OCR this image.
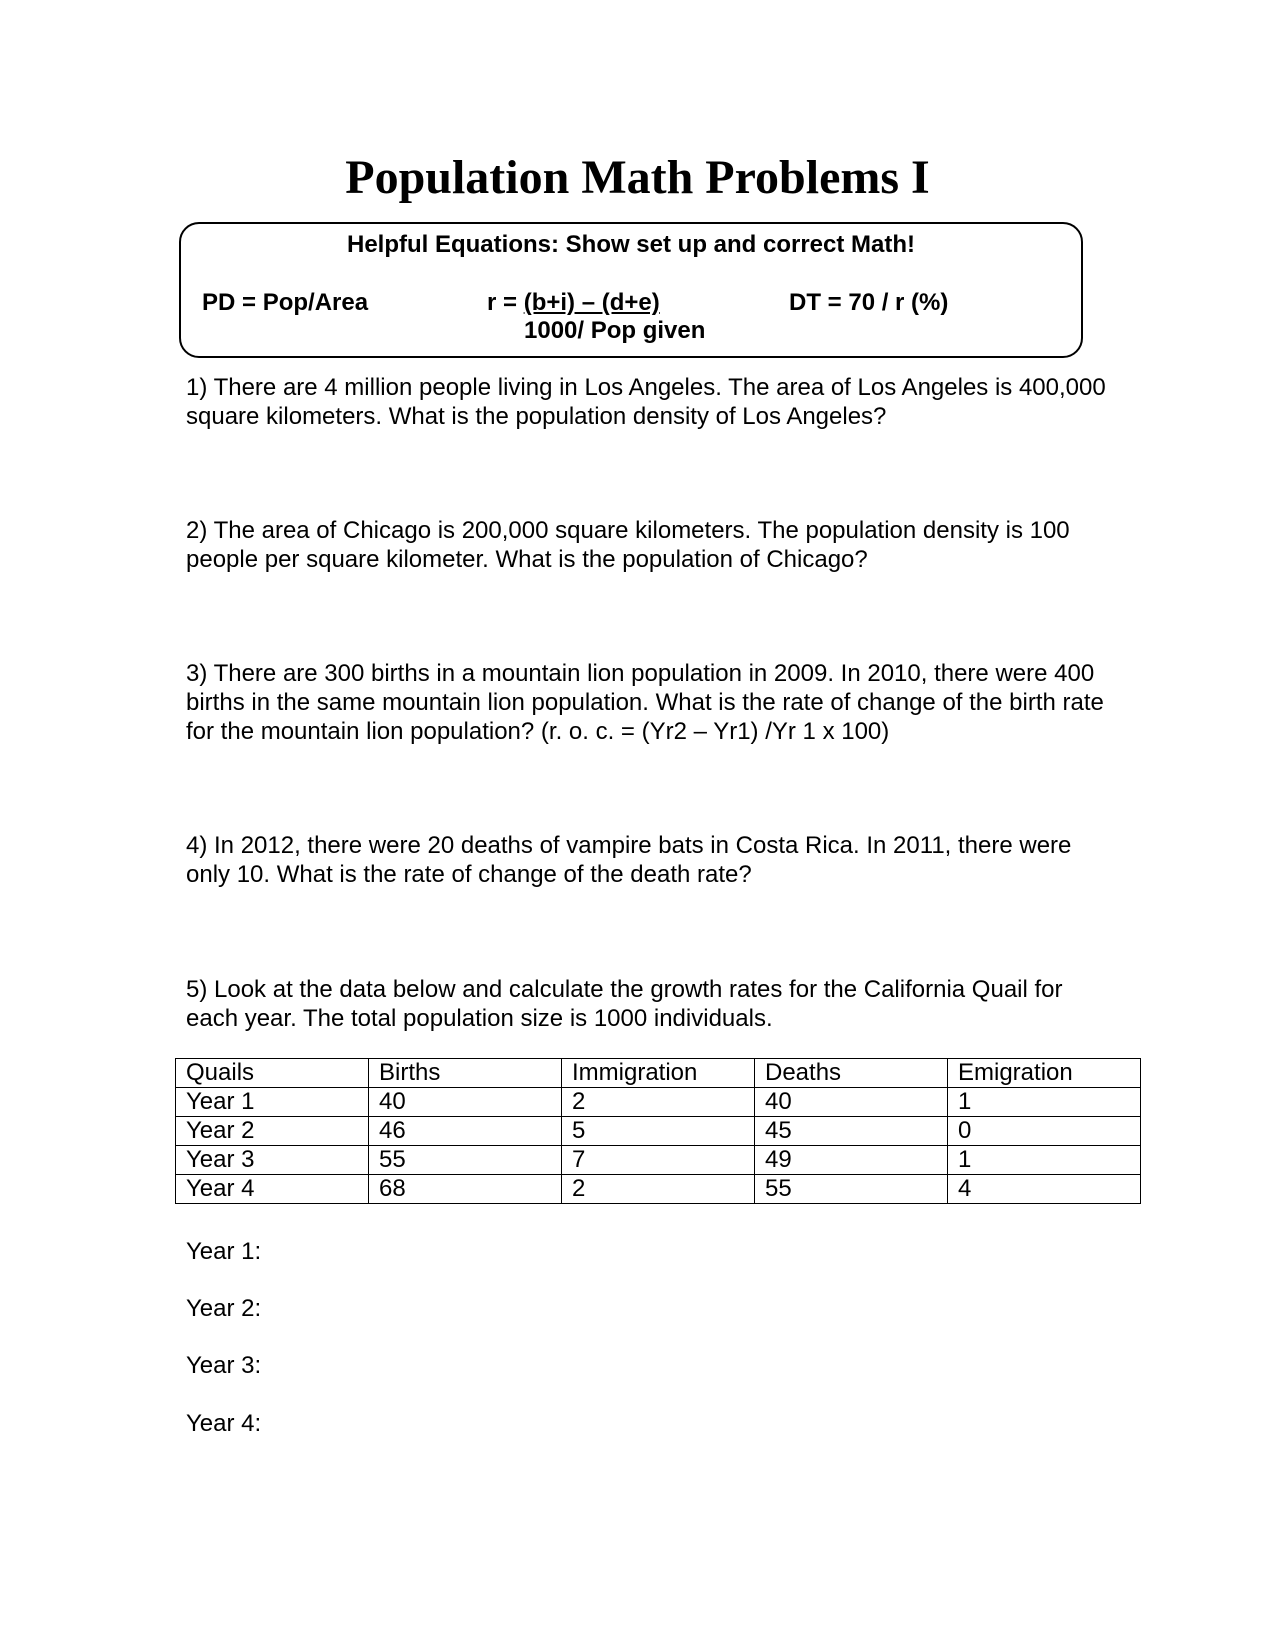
Population Math Problems I
Helpful Equations: Show set up and correct Math!
PD = Pop/Area	r = (b+i) – (d+e)
1000/ Pop given
DT = 70 / r (%)

1) There are 4 million people living in Los Angeles. The area of Los Angeles is 400,000 square kilometers. What is the population density of Los Angeles?

2) The area of Chicago is 200,000 square kilometers. The population density is 100 people per square kilometer. What is the population of Chicago?

3) There are 300 births in a mountain lion population in 2009. In 2010, there were 400 births in the same mountain lion population. What is the rate of change of the birth rate for the mountain lion population? (r. o. c. = (Yr2 – Yr1) /Yr 1 x 100)

4) In 2012, there were 20 deaths of vampire bats in Costa Rica. In 2011, there were only 10. What is the rate of change of the death rate?

5) Look at the data below and calculate the growth rates for the California Quail for each year. The total population size is 1000 individuals.

Quails	Births	Immigration	Deaths	Emigration
Year 1	40	2	40	1
Year 2	46	5	45	0
Year 3	55	7	49	1
Year 4	68	2	55	4
Year 1:
Year 2:
Year 3:
Year 4:
